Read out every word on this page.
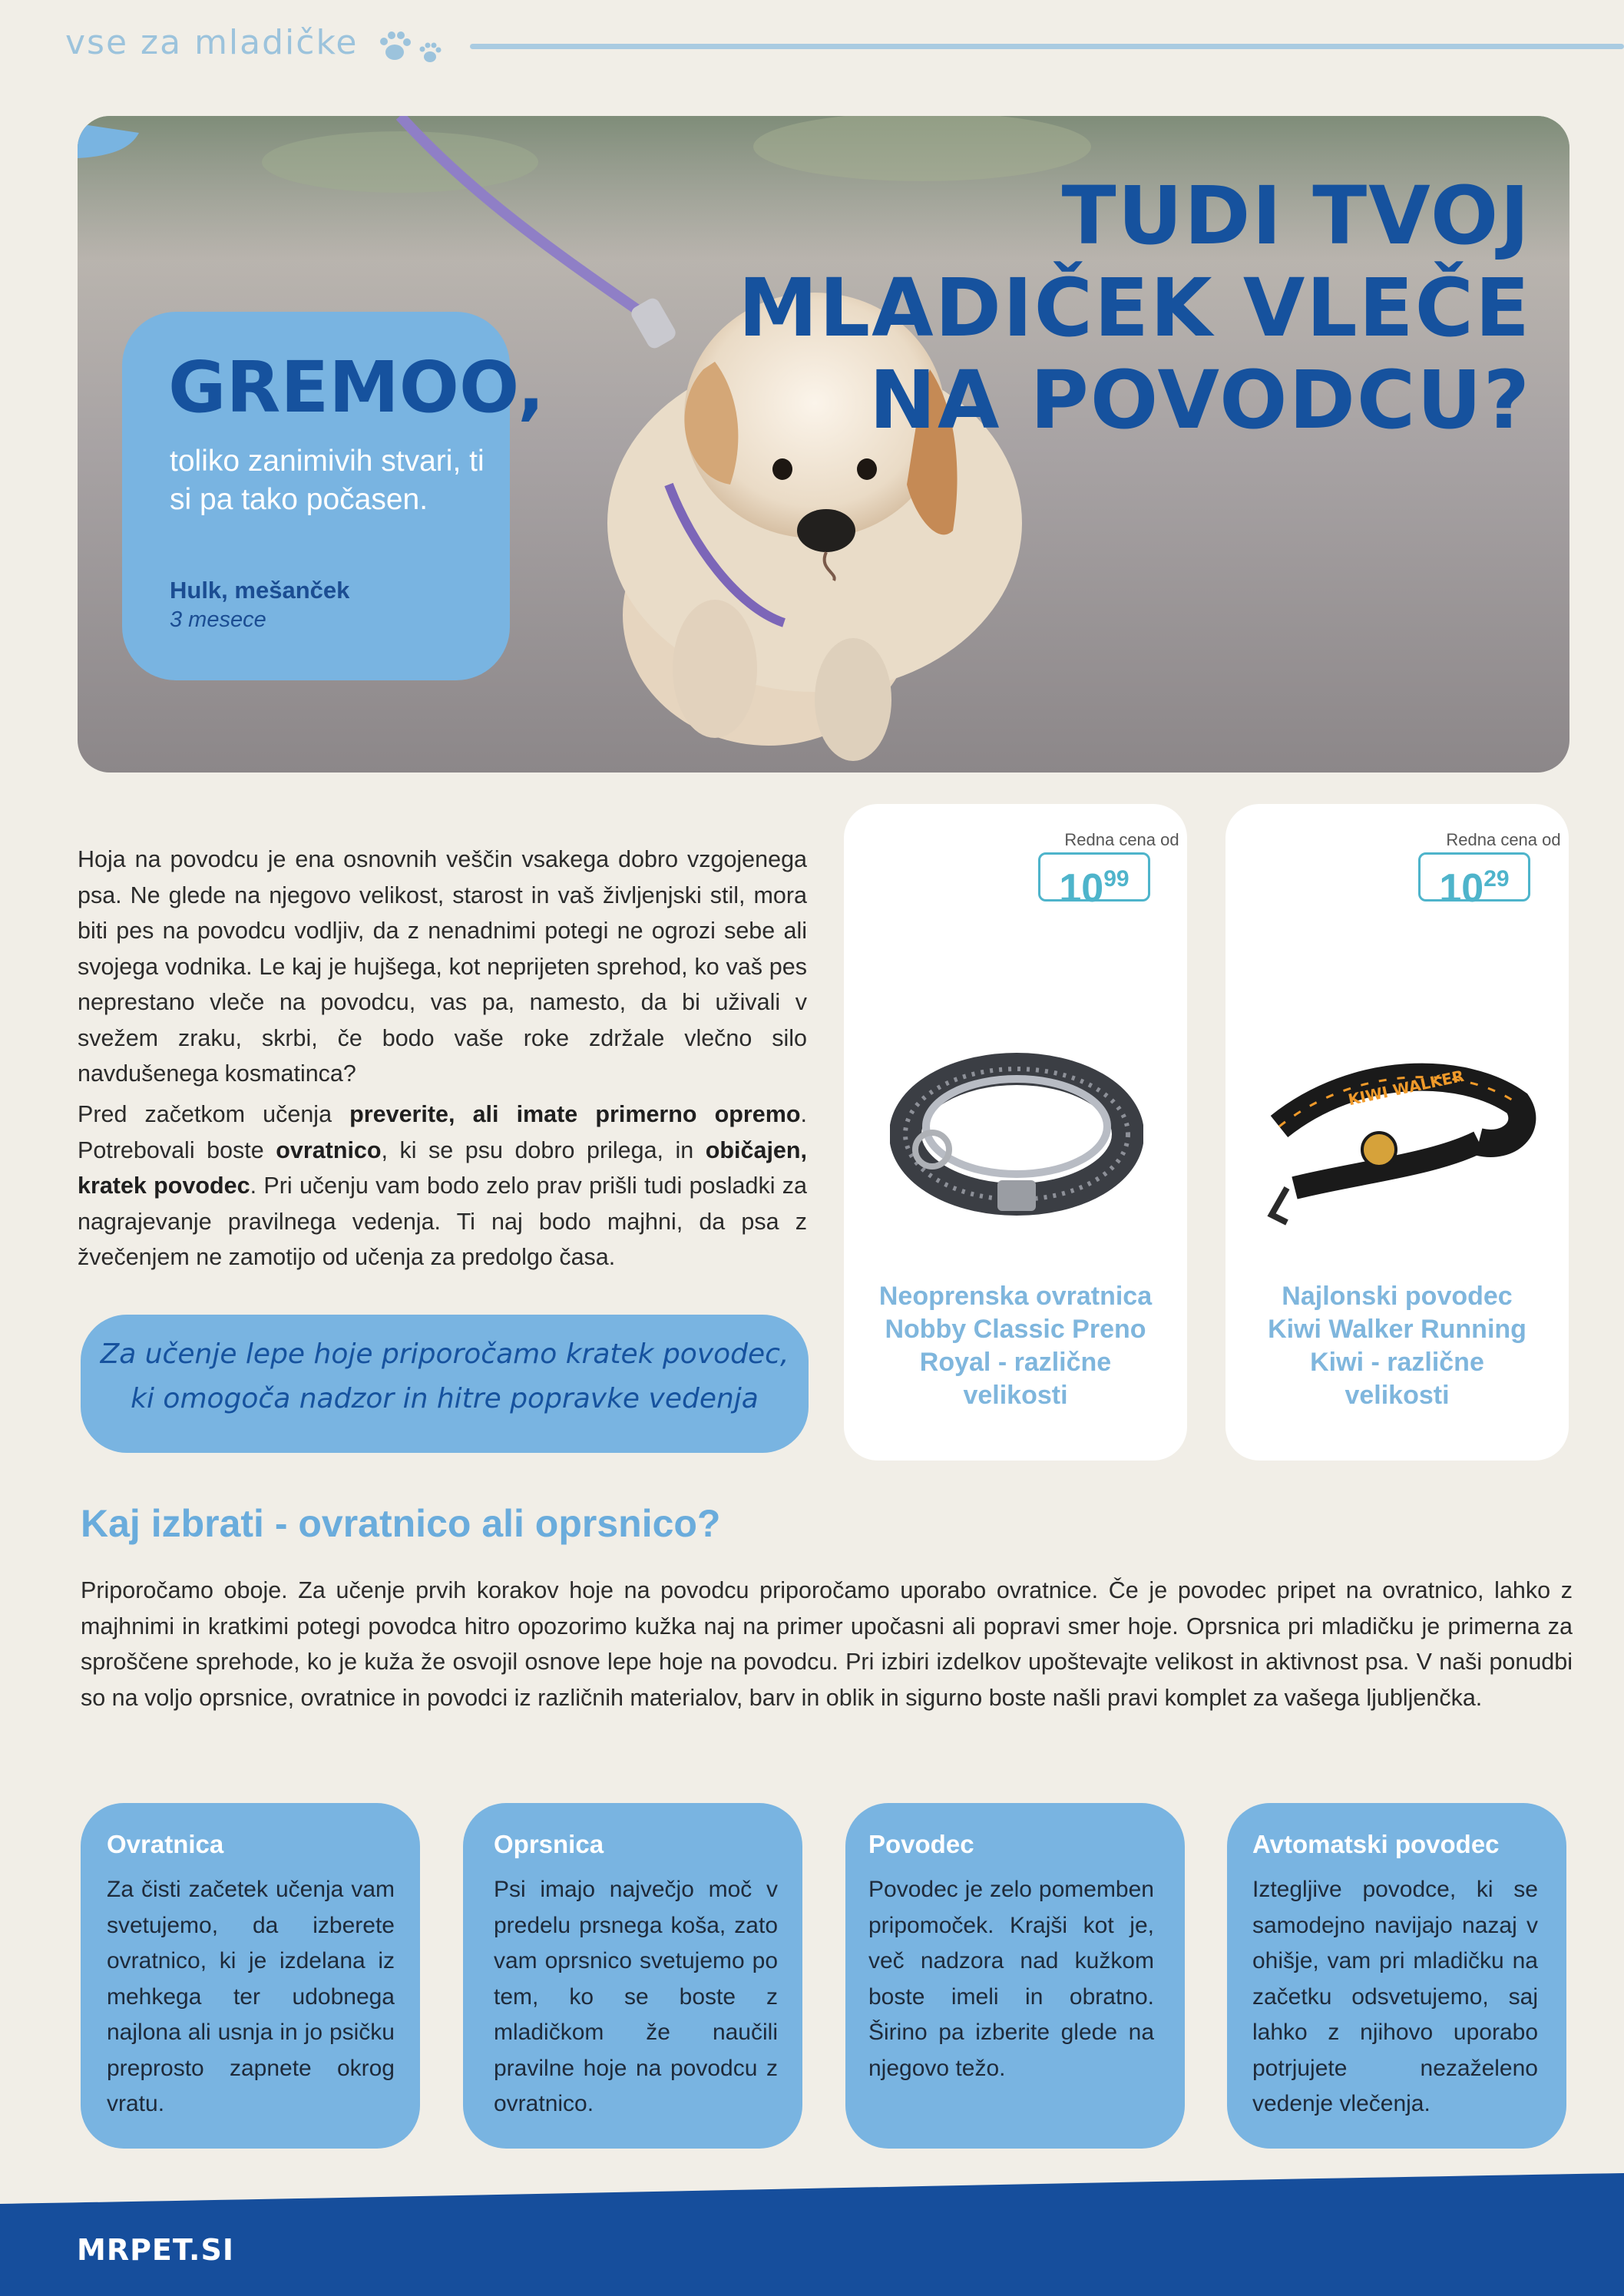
vse za mladičke
TUDI TVOJ
MLADIČEK VLEČE
NA POVODCU?
GREMOO,
toliko zanimivih stvari, ti si pa tako počasen.
Hulk, mešanček
3 mesece
Hoja na povodcu je ena osnovnih veščin vsakega dobro vzgojenega psa. Ne glede na njegovo velikost, starost in vaš življenjski stil, mora biti pes na povodcu vodljiv, da z nenadnimi potegi ne ogrozi sebe ali svojega vodnika. Le kaj je hujšega, kot neprijeten sprehod, ko vaš pes neprestano vleče na povodcu, vas pa, namesto, da bi uživali v svežem zraku, skrbi, če bodo vaše roke zdržale vlečno silo navdušenega kosmatinca?
Pred začetkom učenja preverite, ali imate primerno opremo. Potrebovali boste ovratnico, ki se psu dobro prilega, in običajen, kratek povodec. Pri učenju vam bodo zelo prav prišli tudi posladki za nagrajevanje pravilnega vedenja. Ti naj bodo majhni, da psa z žvečenjem ne zamotijo od učenja za predolgo časa.
Za učenje lepe hoje priporočamo kratek povodec,
ki omogoča nadzor in hitre popravke vedenja
Redna cena od
$10^{99}$
Neoprenska ovratnica
Nobby Classic Preno
Royal - različne
velikosti
Redna cena od
$10^{29}$
KIWI WALKER
Najlonski povodec
Kiwi Walker Running
Kiwi - različne
velikosti
Kaj izbrati - ovratnico ali oprsnico?
Priporočamo oboje. Za učenje prvih korakov hoje na povodcu priporočamo uporabo ovratnice. Če je povodec pripet na ovratnico, lahko z majhnimi in kratkimi potegi povodca hitro opozorimo kužka naj na primer upočasni ali popravi smer hoje. Oprsnica pri mladičku je primerna za sproščene sprehode, ko je kuža že osvojil osnove lepe hoje na povodcu. Pri izbiri izdelkov upoštevajte velikost in aktivnost psa. V naši ponudbi so na voljo oprsnice, ovratnice in povodci iz različnih materialov, barv in oblik in sigurno boste našli pravi komplet za vašega ljubljenčka.
Ovratnica
Za čisti začetek učenja vam svetujemo, da izberete ovratnico, ki je izdelana iz mehkega ter udobnega najlona ali usnja in jo psičku preprosto zapnete okrog vratu.
Oprsnica
Psi imajo največjo moč v predelu prsnega koša, zato vam oprsnico svetujemo po tem, ko se boste z mladičkom že naučili pravilne hoje na povodcu z ovratnico.
Povodec
Povodec je zelo pomemben pripomoček. Krajši kot je, več nadzora nad kužkom boste imeli in obratno. Širino pa izberite glede na njegovo težo.
Avtomatski povodec
Iztegljive povodce, ki se samodejno navijajo nazaj v ohišje, vam pri mladičku na začetku odsvetujemo, saj lahko z njihovo uporabo potrjujete nezaželeno vedenje vlečenja.
MRPET.SI
